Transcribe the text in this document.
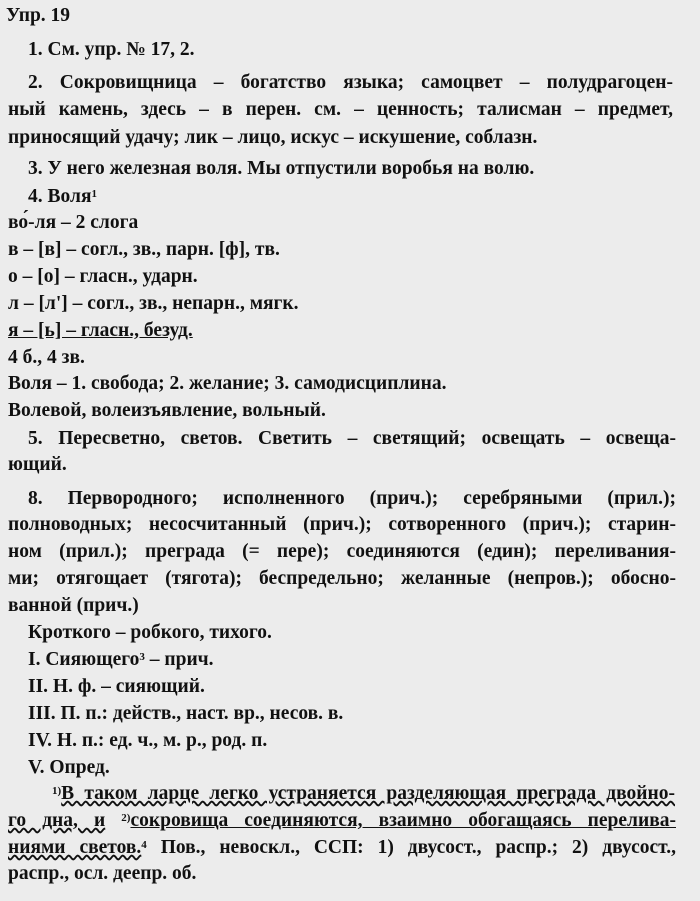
Упр. 19
1. См. упр. № 17, 2.
2. Сокровищница – богатство языка; самоцвет – полудрагоцен-
ный камень, здесь – в перен. см. – ценность; талисман – предмет,
приносящий удачу; лик – лицо, искус – искушение, соблазн.
3. У него железная воля. Мы отпустили воробья на волю.
4. Воля$^1$
во́-ля – 2 слога
в – [в] – согл., зв., парн. [ф], тв.
о – [о] – гласн., ударн.
л – [л'] – согл., зв., непарн., мягк.
я – [ь] – гласн., безуд.
4 б., 4 зв.
Воля – 1. свобода; 2. желание; 3. самодисциплина.
Волевой, волеизъявление, вольный.
5. Пересветно, светов. Светить – светящий; освещать – освеща-
ющий.
8. Первородного; исполненного (прич.); серебряными (прил.);
полноводных; несосчитанный (прич.); сотворенного (прич.); старин-
ном (прил.); преграда (= пере); соединяются (един); переливания-
ми; отягощает (тягота); беспредельно; желанные (непров.); обосно-
ванной (прич.)
Кроткого – робкого, тихого.
I. Сияющего$^3$ – прич.
II. Н. ф. – сияющий.
III. П. п.: действ., наст. вр., несов. в.
IV. Н. п.: ед. ч., м. р., род. п.
V. Опред.
$^{1)}$В таком ларце легко устраняется разделяющая преграда двойно-
го дна, и $^{2)}$сокровища соединяются, взаимно обогащаясь перелива-
ниями светов.$^4$ Пов., невоскл., ССП: 1) двусост., распр.; 2) двусост.,
распр., осл. деепр. об.
